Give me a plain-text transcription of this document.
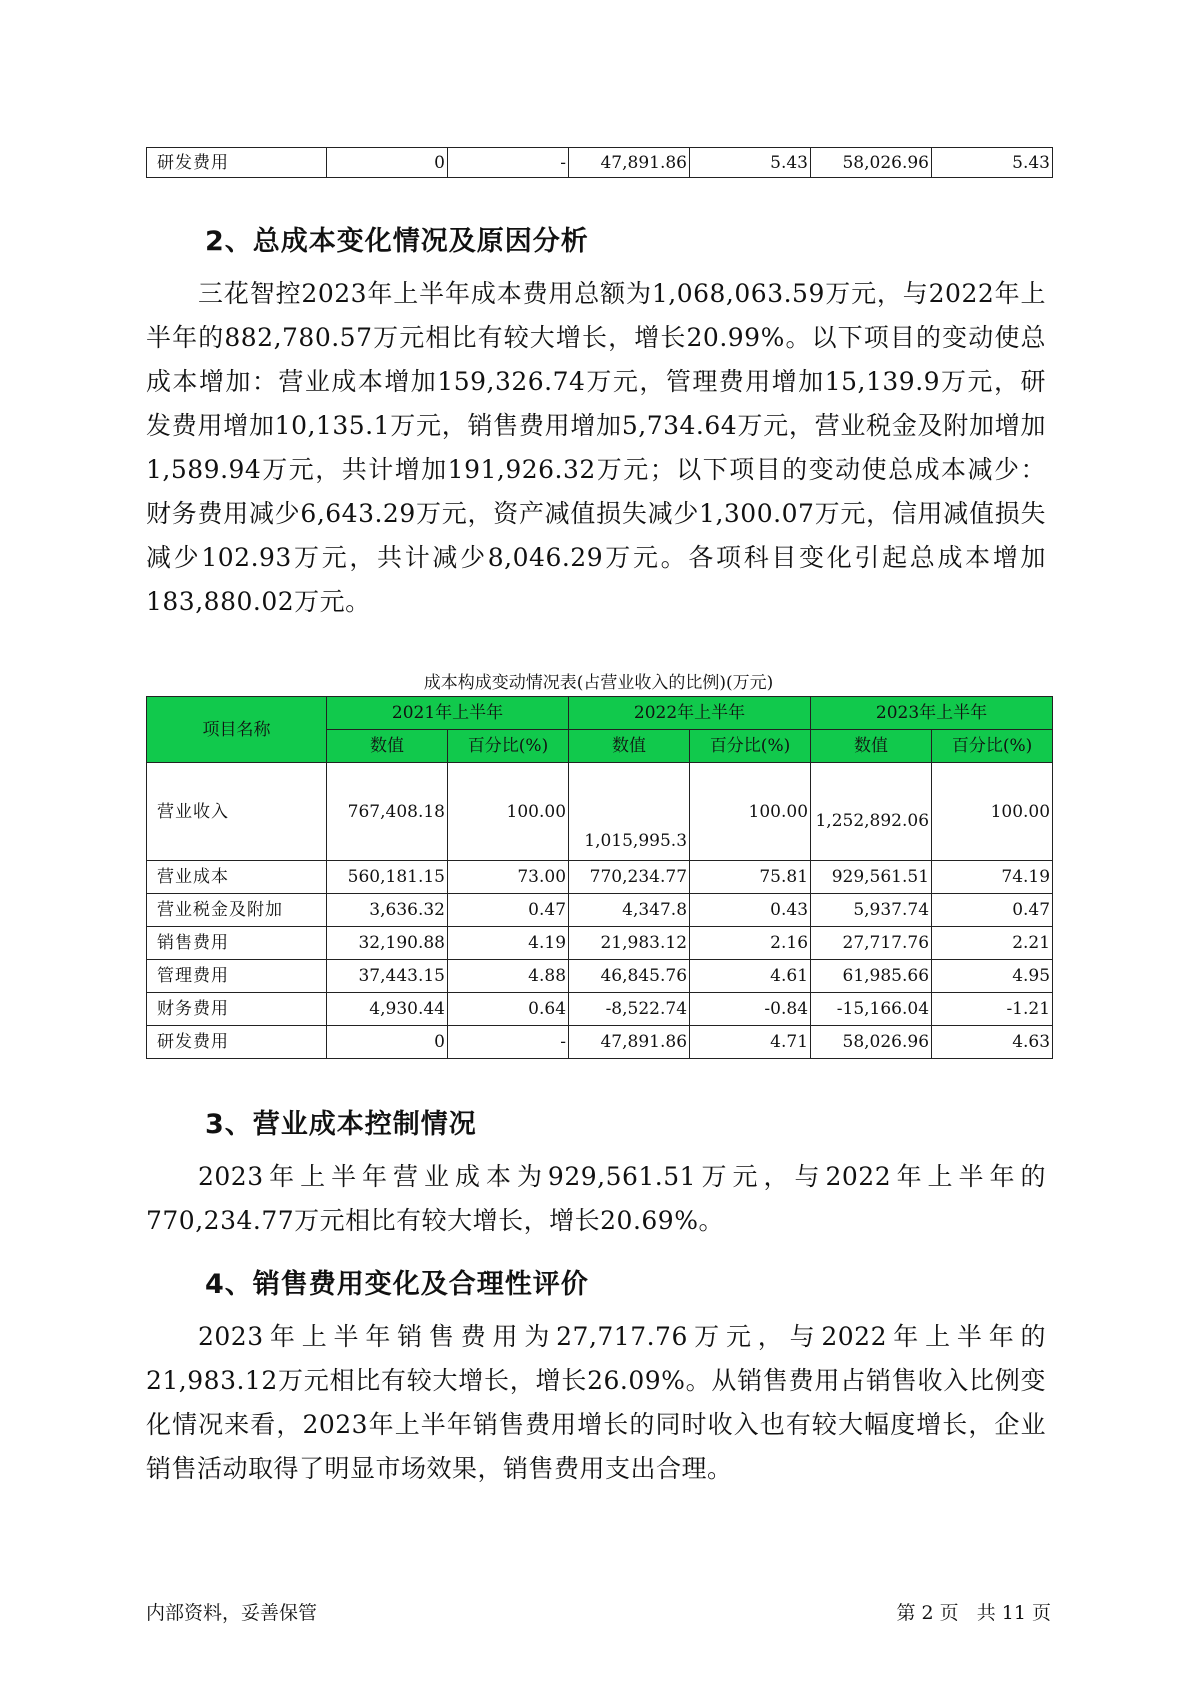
研发费用	0	-	47,891.86	5.43	58,026.96	5.43
2、总成本变化情况及原因分析

三花智控2023年上半年成本费用总额为1,068,063.59万元，与2022年上半年的882,780.57万元相比有较大增长，增长20.99%。以下项目的变动使总成本增加：营业成本增加159,326.74万元，管理费用增加15,139.9万元，研发费用增加10,135.1万元，销售费用增加5,734.64万元，营业税金及附加增加1,589.94万元，共计增加191,926.32万元；以下项目的变动使总成本减少：财务费用减少6,643.29万元，资产减值损失减少1,300.07万元，信用减值损失减少102.93万元，共计减少8,046.29万元。各项科目变化引起总成本增加183,880.02万元。

成本构成变动情况表(占营业收入的比例)(万元)
项目名称	2021年上半年		2022年上半年		2023年上半年	
	数值	百分比(%)	数值	百分比(%)	数值	百分比(%)
营业收入	767,408.18	100.00	1,015,995.3	100.00	1,252,892.06	100.00
营业成本	560,181.15	73.00	770,234.77	75.81	929,561.51	74.19
营业税金及附加	3,636.32	0.47	4,347.8	0.43	5,937.74	0.47
销售费用	32,190.88	4.19	21,983.12	2.16	27,717.76	2.21
管理费用	37,443.15	4.88	46,845.76	4.61	61,985.66	4.95
财务费用	4,930.44	0.64	-8,522.74	-0.84	-15,166.04	-1.21
研发费用	0	-	47,891.86	4.71	58,026.96	4.63
3、营业成本控制情况

2023年上半年营业成本为929,561.51万元，与2022年上半年的770,234.77万元相比有较大增长，增长20.69%。

4、销售费用变化及合理性评价

2023年上半年销售费用为27,717.76万元，与2022年上半年的21,983.12万元相比有较大增长，增长26.09%。从销售费用占销售收入比例变化情况来看，2023年上半年销售费用增长的同时收入也有较大幅度增长，企业销售活动取得了明显市场效果，销售费用支出合理。

内部资料，妥善保管	第 2 页   共 11 页
